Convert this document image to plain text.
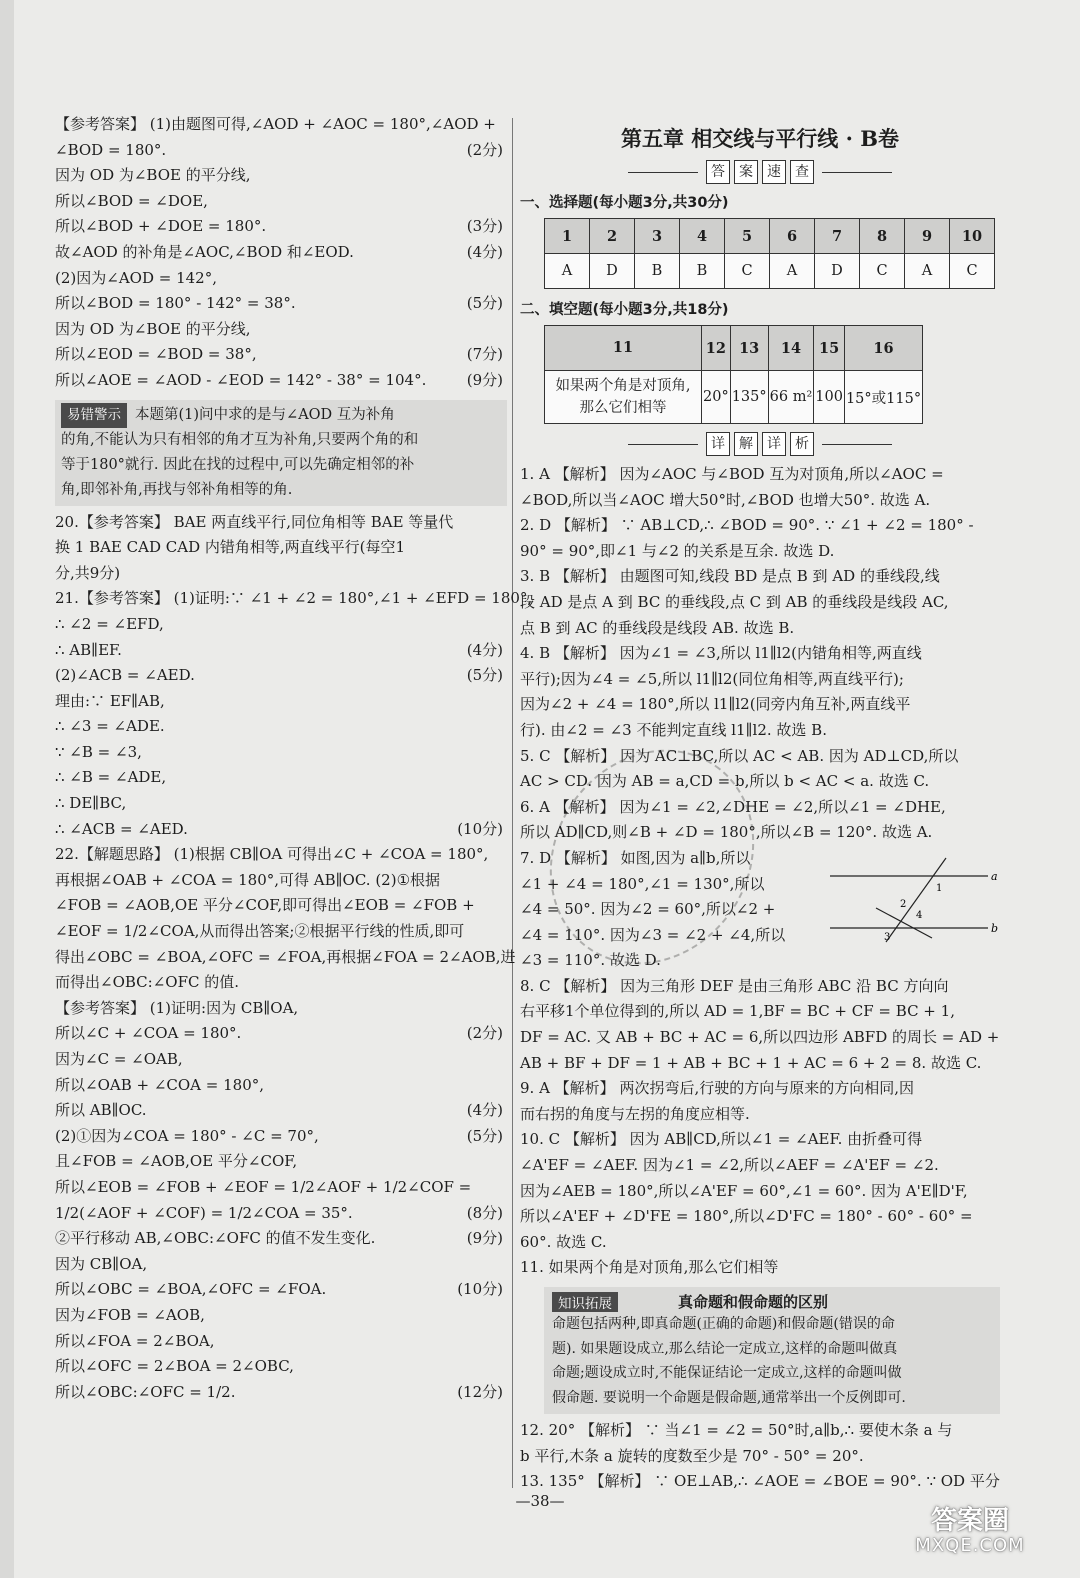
【参考答案】 (1)由题图可得,∠AOD + ∠AOC = 180°,∠AOD +
∠BOD = 180°.	(2分)
因为 OD 为∠BOE 的平分线,
所以∠BOD = ∠DOE,
所以∠BOD + ∠DOE = 180°.	(3分)
故∠AOD 的补角是∠AOC,∠BOD 和∠EOD.	(4分)
(2)因为∠AOD = 142°,
所以∠BOD = 180° - 142° = 38°.	(5分)
因为 OD 为∠BOE 的平分线,
所以∠EOD = ∠BOD = 38°,	(7分)
所以∠AOE = ∠AOD - ∠EOD = 142° - 38° = 104°.	(9分)
易错警示 本题第(1)问中求的是与∠AOD 互为补角
的角,不能认为只有相邻的角才互为补角,只要两个角的和
等于180°就行. 因此在找的过程中,可以先确定相邻的补
角,即邻补角,再找与邻补角相等的角.
20.【参考答案】 BAE 两直线平行,同位角相等 BAE 等量代
换 1 BAE CAD CAD 内错角相等,两直线平行(每空1
分,共9分)
21.【参考答案】 (1)证明:∵ ∠1 + ∠2 = 180°,∠1 + ∠EFD = 180°,
∴ ∠2 = ∠EFD,
∴ AB∥EF.	(4分)
(2)∠ACB = ∠AED.	(5分)
理由:∵ EF∥AB,
∴ ∠3 = ∠ADE.
∵ ∠B = ∠3,
∴ ∠B = ∠ADE,
∴ DE∥BC,
∴ ∠ACB = ∠AED.	(10分)
22.【解题思路】 (1)根据 CB∥OA 可得出∠C + ∠COA = 180°,
再根据∠OAB + ∠COA = 180°,可得 AB∥OC. (2)①根据
∠FOB = ∠AOB,OE 平分∠COF,即可得出∠EOB = ∠FOB +
∠EOF = 1/2∠COA,从而得出答案;②根据平行线的性质,即可
得出∠OBC = ∠BOA,∠OFC = ∠FOA,再根据∠FOA = 2∠AOB,进
而得出∠OBC:∠OFC 的值.
【参考答案】 (1)证明:因为 CB∥OA,
所以∠C + ∠COA = 180°.	(2分)
因为∠C = ∠OAB,
所以∠OAB + ∠COA = 180°,
所以 AB∥OC.	(4分)
(2)①因为∠COA = 180° - ∠C = 70°,	(5分)
且∠FOB = ∠AOB,OE 平分∠COF,
所以∠EOB = ∠FOB + ∠EOF = 1/2∠AOF + 1/2∠COF =
1/2(∠AOF + ∠COF) = 1/2∠COA = 35°.	(8分)
②平行移动 AB,∠OBC:∠OFC 的值不发生变化.	(9分)
因为 CB∥OA,
所以∠OBC = ∠BOA,∠OFC = ∠FOA.	(10分)
因为∠FOB = ∠AOB,
所以∠FOA = 2∠BOA,
所以∠OFC = 2∠BOA = 2∠OBC,
所以∠OBC:∠OFC = 1/2.	(12分)
第五章 相交线与平行线 · B卷
答	案	速	查
一、选择题(每小题3分,共30分)
1	2	3	4	5	6	7	8	9	10
A	D	B	B	C	A	D	C	A	C
二、填空题(每小题3分,共18分)
11	12	13	14	15	16
如果两个角是对顶角,那么它们相等	20°	135°	66 m²	100	15°或115°
详	解	详	析
1. A 【解析】 因为∠AOC 与∠BOD 互为对顶角,所以∠AOC =
∠BOD,所以当∠AOC 增大50°时,∠BOD 也增大50°. 故选 A.
2. D 【解析】 ∵ AB⊥CD,∴ ∠BOD = 90°. ∵ ∠1 + ∠2 = 180° -
90° = 90°,即∠1 与∠2 的关系是互余. 故选 D.
3. B 【解析】 由题图可知,线段 BD 是点 B 到 AD 的垂线段,线
段 AD 是点 A 到 BC 的垂线段,点 C 到 AB 的垂线段是线段 AC,
点 B 到 AC 的垂线段是线段 AB. 故选 B.
4. B 【解析】 因为∠1 = ∠3,所以 l1∥l2(内错角相等,两直线
平行);因为∠4 = ∠5,所以 l1∥l2(同位角相等,两直线平行);
因为∠2 + ∠4 = 180°,所以 l1∥l2(同旁内角互补,两直线平
行). 由∠2 = ∠3 不能判定直线 l1∥l2. 故选 B.
5. C 【解析】 因为 AC⊥BC,所以 AC < AB. 因为 AD⊥CD,所以
AC > CD. 因为 AB = a,CD = b,所以 b < AC < a. 故选 C.
6. A 【解析】 因为∠1 = ∠2,∠DHE = ∠2,所以∠1 = ∠DHE,
所以 AD∥CD,则∠B + ∠D = 180°,所以∠B = 120°. 故选 A.
7. D 【解析】 如图,因为 a∥b,所以
∠1 + ∠4 = 180°,∠1 = 130°,所以
∠4 = 50°. 因为∠2 = 60°,所以∠2 +
∠4 = 110°. 因为∠3 = ∠2 + ∠4,所以
∠3 = 110°. 故选 D.
8. C 【解析】 因为三角形 DEF 是由三角形 ABC 沿 BC 方向向
右平移1个单位得到的,所以 AD = 1,BF = BC + CF = BC + 1,
DF = AC. 又 AB + BC + AC = 6,所以四边形 ABFD 的周长 = AD +
AB + BF + DF = 1 + AB + BC + 1 + AC = 6 + 2 = 8. 故选 C.
9. A 【解析】 两次拐弯后,行驶的方向与原来的方向相同,因
而右拐的角度与左拐的角度应相等.
10. C 【解析】 因为 AB∥CD,所以∠1 = ∠AEF. 由折叠可得
∠A'EF = ∠AEF. 因为∠1 = ∠2,所以∠AEF = ∠A'EF = ∠2.
因为∠AEB = 180°,所以∠A'EF = 60°,∠1 = 60°. 因为 A'E∥D'F,
所以∠A'EF + ∠D'FE = 180°,所以∠D'FC = 180° - 60° - 60° =
60°. 故选 C.
11. 如果两个角是对顶角,那么它们相等
知识拓展	真命题和假命题的区别
命题包括两种,即真命题(正确的命题)和假命题(错误的命
题). 如果题设成立,那么结论一定成立,这样的命题叫做真
命题;题设成立时,不能保证结论一定成立,这样的命题叫做
假命题. 要说明一个命题是假命题,通常举出一个反例即可.
12. 20° 【解析】 ∵ 当∠1 = ∠2 = 50°时,a∥b,∴ 要使木条 a 与
b 平行,木条 a 旋转的度数至少是 70° - 50° = 20°.
13. 135° 【解析】 ∵ OE⊥AB,∴ ∠AOE = ∠BOE = 90°. ∵ OD 平分
a
b
1
2
3
4
—38—
答案圈
MXQE.COM
